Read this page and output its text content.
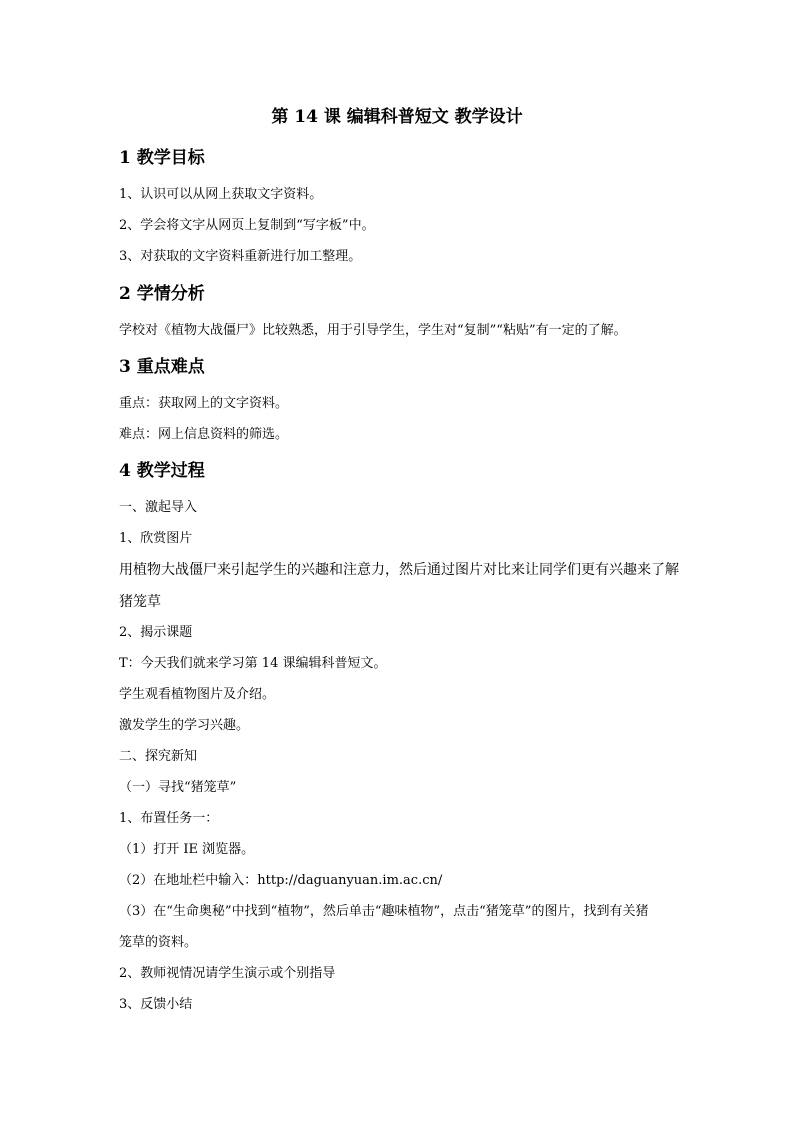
第 14 课 编辑科普短文 教学设计
1 教学目标
1、认识可以从网上获取文字资料。
2、学会将文字从网页上复制到“写字板”中。
3、对获取的文字资料重新进行加工整理。
2 学情分析
学校对《植物大战僵尸》比较熟悉，用于引导学生，学生对“复制”“粘贴”有一定的了解。
3 重点难点
重点：获取网上的文字资料。
难点：网上信息资料的筛选。
4 教学过程
一、激起导入
1、欣赏图片
用植物大战僵尸来引起学生的兴趣和注意力，然后通过图片对比来让同学们更有兴趣来了解
猪笼草
2、揭示课题
T：今天我们就来学习第 14 课编辑科普短文。
学生观看植物图片及介绍。
激发学生的学习兴趣。
二、探究新知
（一）寻找“猪笼草”
1、布置任务一：
（1）打开 IE 浏览器。
（2）在地址栏中输入：http://daguanyuan.im.ac.cn/
（3）在“生命奥秘”中找到“植物”，然后单击“趣味植物”，点击“猪笼草”的图片，找到有关猪
笼草的资料。
2、教师视情况请学生演示或个别指导
3、反馈小结
